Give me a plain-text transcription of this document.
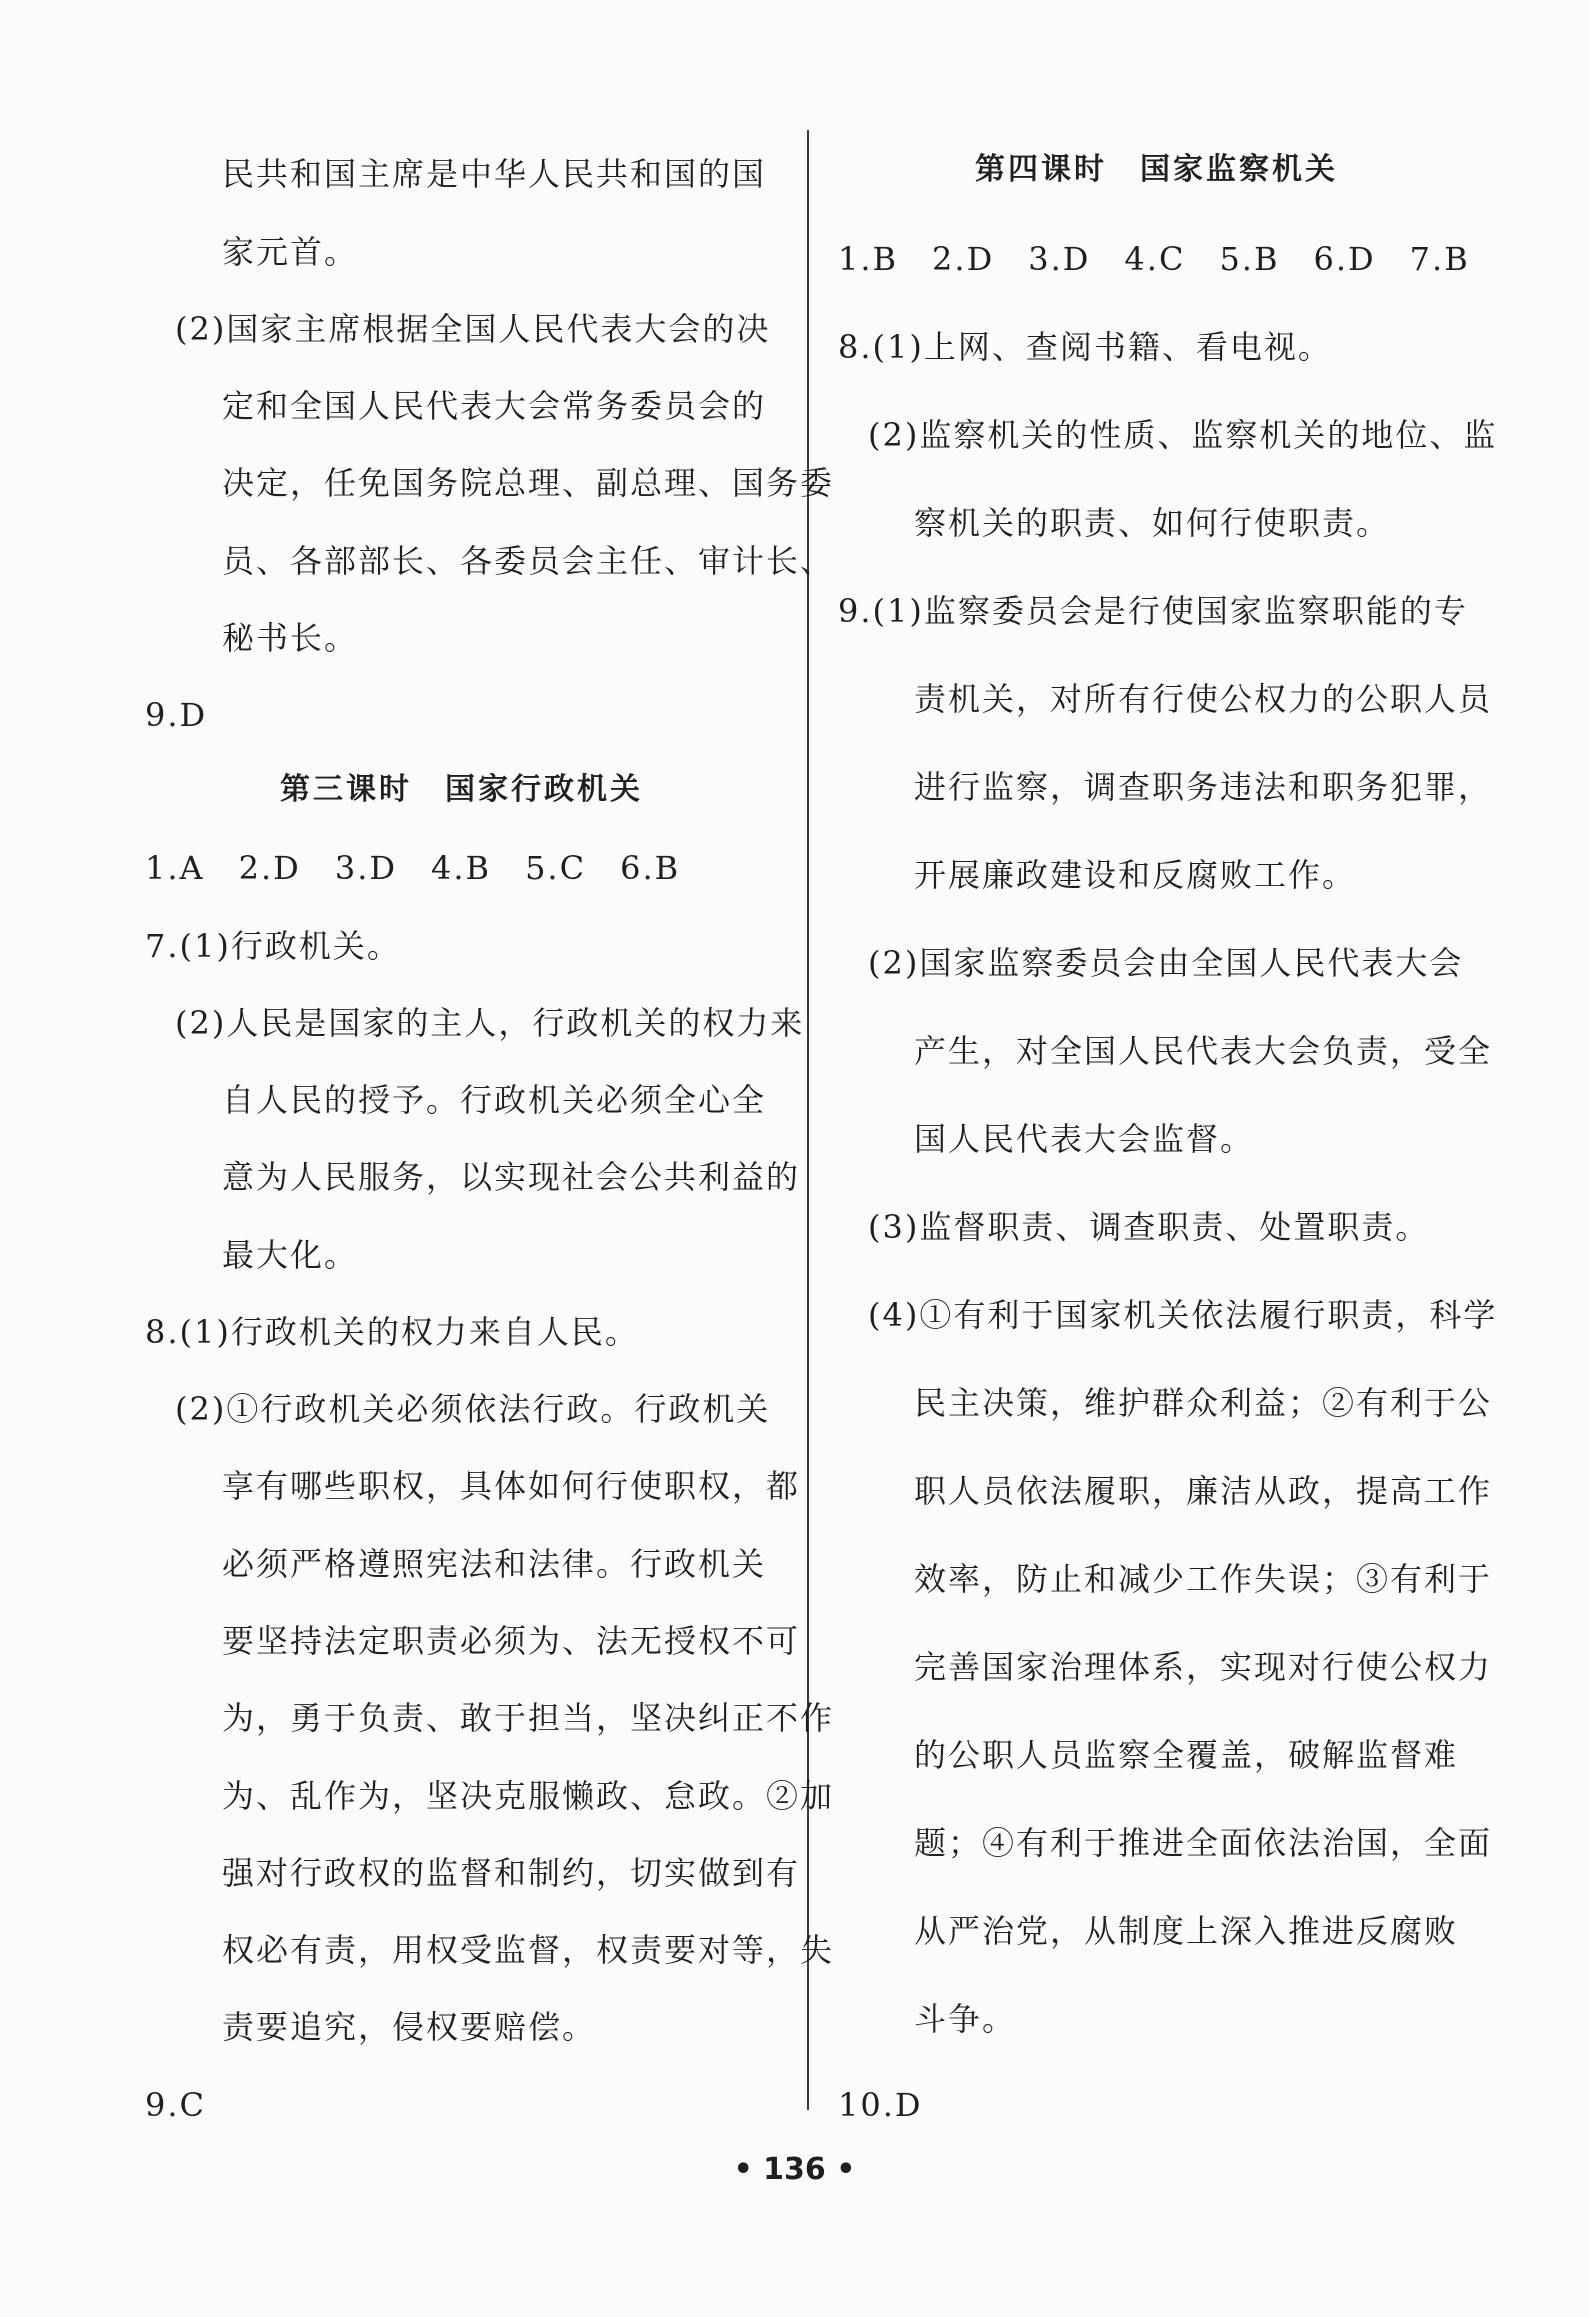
民共和国主席是中华人民共和国的国
家元首。
(2)国家主席根据全国人民代表大会的决
定和全国人民代表大会常务委员会的
决定，任免国务院总理、副总理、国务委
员、各部部长、各委员会主任、审计长、
秘书长。
9.D
第三课时　国家行政机关
1.A　2.D　3.D　4.B　5.C　6.B
7.(1)行政机关。
(2)人民是国家的主人，行政机关的权力来
自人民的授予。行政机关必须全心全
意为人民服务，以实现社会公共利益的
最大化。
8.(1)行政机关的权力来自人民。
(2)①行政机关必须依法行政。行政机关
享有哪些职权，具体如何行使职权，都
必须严格遵照宪法和法律。行政机关
要坚持法定职责必须为、法无授权不可
为，勇于负责、敢于担当，坚决纠正不作
为、乱作为，坚决克服懒政、怠政。②加
强对行政权的监督和制约，切实做到有
权必有责，用权受监督，权责要对等，失
责要追究，侵权要赔偿。
9.C
第四课时　国家监察机关
1.B　2.D　3.D　4.C　5.B　6.D　7.B
8.(1)上网、查阅书籍、看电视。
(2)监察机关的性质、监察机关的地位、监
察机关的职责、如何行使职责。
9.(1)监察委员会是行使国家监察职能的专
责机关，对所有行使公权力的公职人员
进行监察，调查职务违法和职务犯罪，
开展廉政建设和反腐败工作。
(2)国家监察委员会由全国人民代表大会
产生，对全国人民代表大会负责，受全
国人民代表大会监督。
(3)监督职责、调查职责、处置职责。
(4)①有利于国家机关依法履行职责，科学
民主决策，维护群众利益；②有利于公
职人员依法履职，廉洁从政，提高工作
效率，防止和减少工作失误；③有利于
完善国家治理体系，实现对行使公权力
的公职人员监察全覆盖，破解监督难
题；④有利于推进全面依法治国，全面
从严治党，从制度上深入推进反腐败
斗争。
10.D
• 136 •
